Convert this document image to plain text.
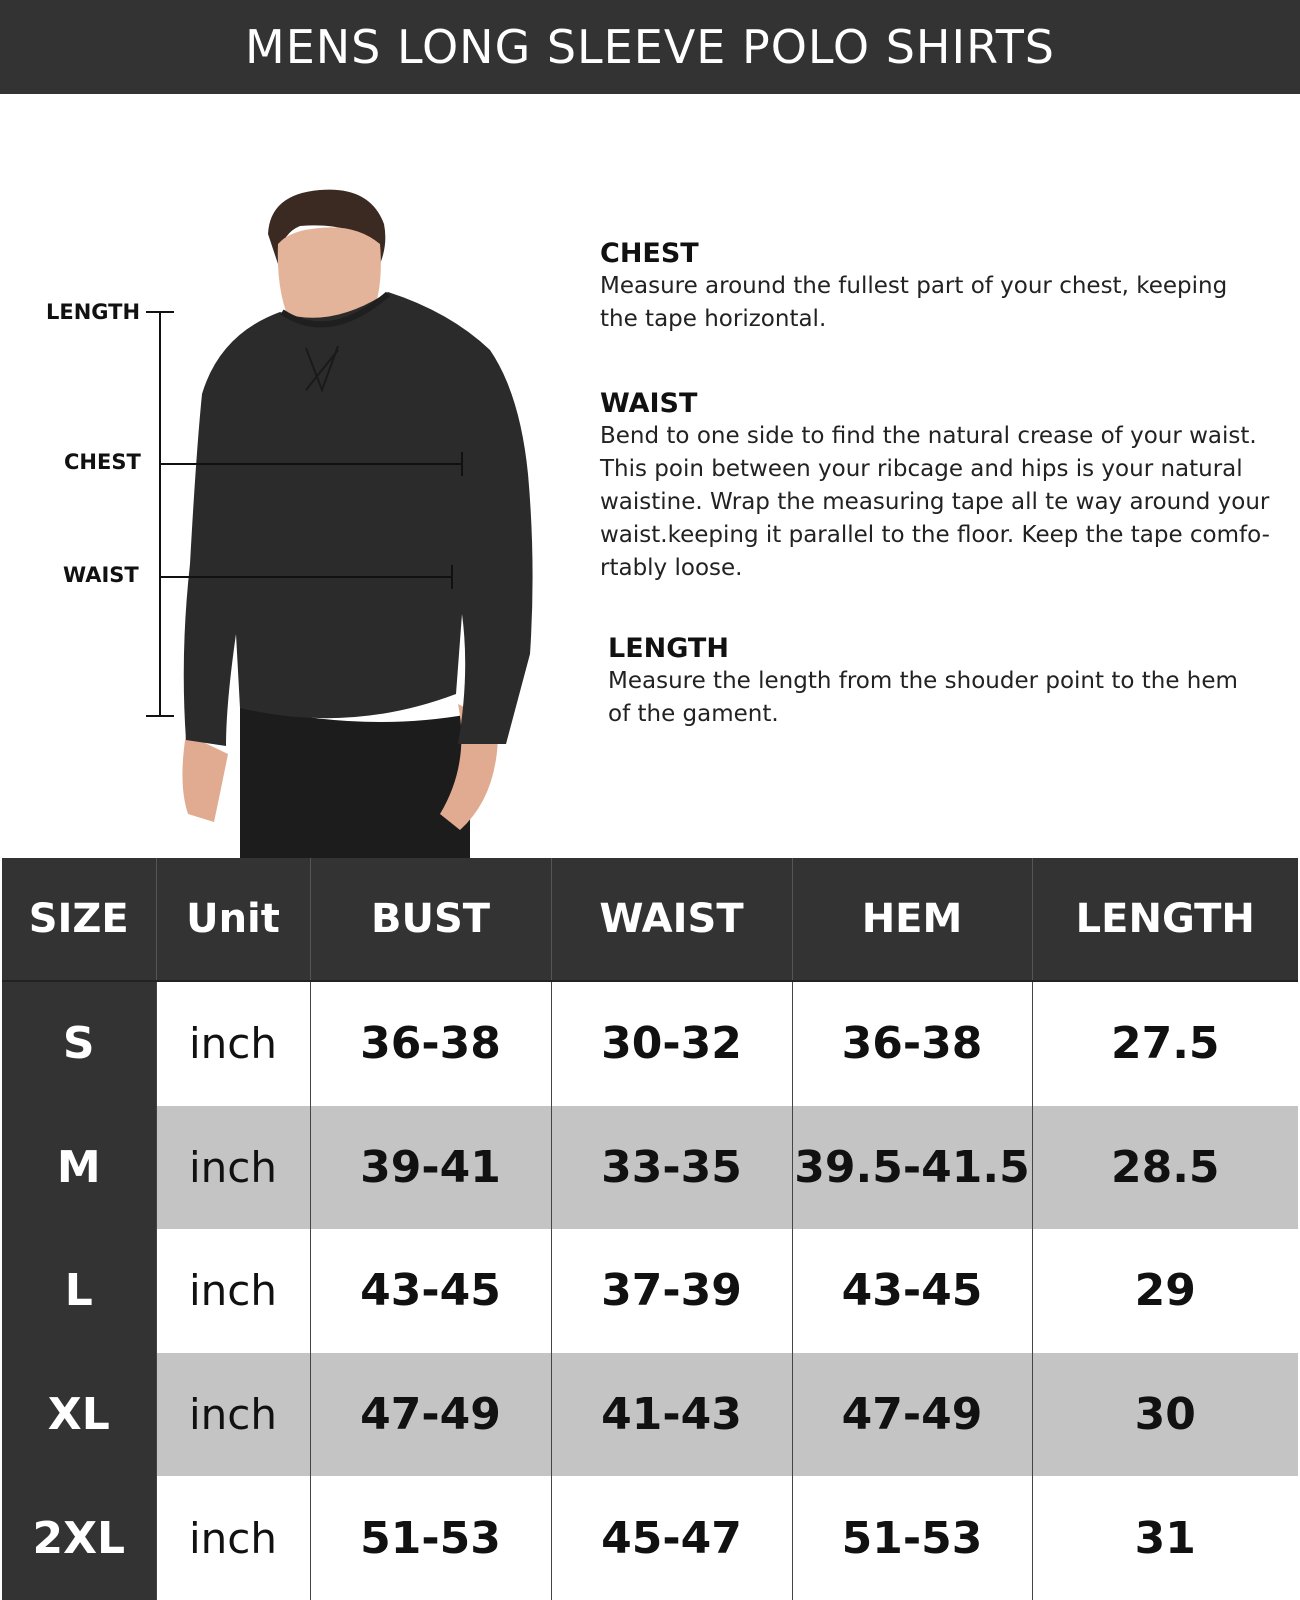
MENS LONG SLEEVE POLO SHIRTS
LENGTH
CHEST
WAIST
CHEST

Measure around the fullest part of your chest, keeping

the tape horizontal.

WAIST

Bend to one side to find the natural crease of your waist.

This poin between your ribcage and hips is your natural

waistine. Wrap the measuring tape all te way around your

waist.keeping it parallel to the floor. Keep the tape comfo-

rtably loose.

LENGTH

Measure the length from the shouder point to the hem

of the gament.

SIZE	Unit	BUST	WAIST	HEM	LENGTH
S	inch	36-38	30-32	36-38	27.5
M	inch	39-41	33-35	39.5-41.5	28.5
L	inch	43-45	37-39	43-45	29
XL	inch	47-49	41-43	47-49	30
2XL	inch	51-53	45-47	51-53	31
